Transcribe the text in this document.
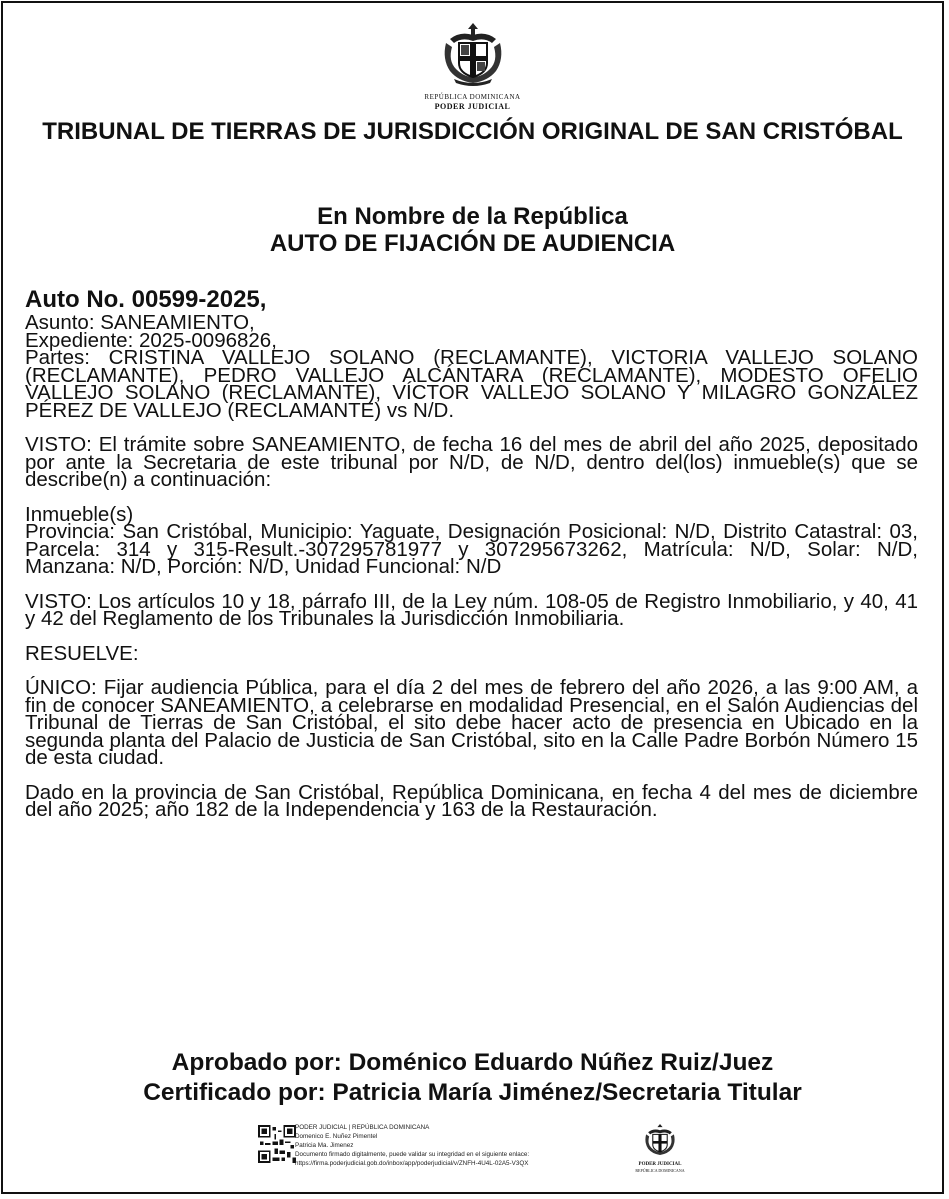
REPÚBLICA DOMINICANA
PODER JUDICIAL
TRIBUNAL DE TIERRAS DE JURISDICCIÓN ORIGINAL DE SAN CRISTÓBAL
En Nombre de la República
AUTO DE FIJACIÓN DE AUDIENCIA
Auto No. 00599-2025,
Asunto: SANEAMIENTO,
Expediente: 2025-0096826,
Partes: CRISTINA VALLEJO SOLANO (RECLAMANTE), VICTORIA VALLEJO SOLANO (RECLAMANTE), PEDRO VALLEJO ALCÁNTARA (RECLAMANTE), MODESTO OFELIO VALLEJO SOLANO (RECLAMANTE), VÍCTOR VALLEJO SOLANO Y MILAGRO GONZÁLEZ PÉREZ DE VALLEJO (RECLAMANTE) vs N/D.
VISTO: El trámite sobre SANEAMIENTO, de fecha 16 del mes de abril del año 2025, depositado por ante la Secretaria de este tribunal por N/D, de N/D, dentro del(los) inmueble(s) que se describe(n) a continuación:
Inmueble(s)
Provincia: San Cristóbal, Municipio: Yaguate, Designación Posicional: N/D, Distrito Catastral: 03, Parcela: 314 y 315-Result.-307295781977 y 307295673262, Matrícula: N/D, Solar: N/D, Manzana: N/D, Porción: N/D, Unidad Funcional: N/D
VISTO: Los artículos 10 y 18, párrafo III, de la Ley núm. 108-05 de Registro Inmobiliario, y 40, 41 y 42 del Reglamento de los Tribunales la Jurisdicción Inmobiliaria.
RESUELVE:
ÚNICO: Fijar audiencia Pública, para el día 2 del mes de febrero del año 2026, a las 9:00 AM, a fin de conocer SANEAMIENTO, a celebrarse en modalidad Presencial, en el Salón Audiencias del Tribunal de Tierras de San Cristóbal, el sito debe hacer acto de presencia en Ubicado en la segunda planta del Palacio de Justicia de San Cristóbal, sito en la Calle Padre Borbón Número 15 de esta ciudad.
Dado en la provincia de San Cristóbal, República Dominicana, en fecha 4 del mes de diciembre del año 2025; año 182 de la Independencia y 163 de la Restauración.
Aprobado por: Doménico Eduardo Núñez Ruiz/Juez
Certificado por: Patricia María Jiménez/Secretaria Titular
PODER JUDICIAL | REPÚBLICA DOMINICANA
Domenico E. Nuñez Pimentel
Patricia Ma. Jimenez
Documento firmado digitalmente, puede validar su integridad en el siguiente enlace:
https://firma.poderjudicial.gob.do/inbox/app/poderjudicial/v/ZNFH-4U4L-02A5-V3QX	PODER JUDICIAL
REPÚBLICA DOMINICANA
